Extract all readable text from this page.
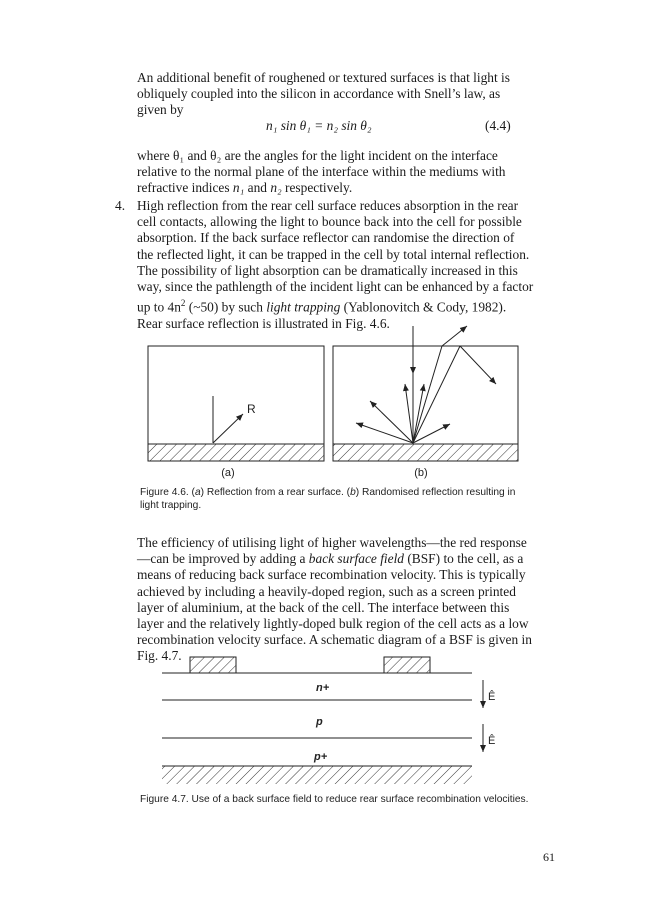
An additional benefit of roughened or textured surfaces is that light is obliquely coupled into the silicon in accordance with Snell’s law, as given by

n₁ sin θ₁ = n₂ sin θ₂	(4.4)

where θ₁ and θ₂ are the angles for the light incident on the interface relative to the normal plane of the interface within the mediums with refractive indices n₁ and n₂ respectively.

4. High reflection from the rear cell surface reduces absorption in the rear cell contacts, allowing the light to bounce back into the cell for possible absorption. If the back surface reflector can randomise the direction of the reflected light, it can be trapped in the cell by total internal reflection. The possibility of light absorption can be dramatically increased in this way, since the pathlength of the incident light can be enhanced by a factor up to $4n^2$ (~50) by such light trapping (Yablonovitch & Cody, 1982). Rear surface reflection is illustrated in Fig. 4.6.

R
(a)	(b)
Figure 4.6. (a) Reflection from a rear surface. (b) Randomised reflection resulting in light trapping.

The efficiency of utilising light of higher wavelengths—the red response—can be improved by adding a back surface field (BSF) to the cell, as a means of reducing back surface recombination velocity. This is typically achieved by including a heavily-doped region, such as a screen printed layer of aluminium, at the back of the cell. The interface between this layer and the relatively lightly-doped bulk region of the cell acts as a low recombination velocity surface. A schematic diagram of a BSF is given in Fig. 4.7.

n+
p
p+
Ê
Ê
Figure 4.7. Use of a back surface field to reduce rear surface recombination velocities.
61
